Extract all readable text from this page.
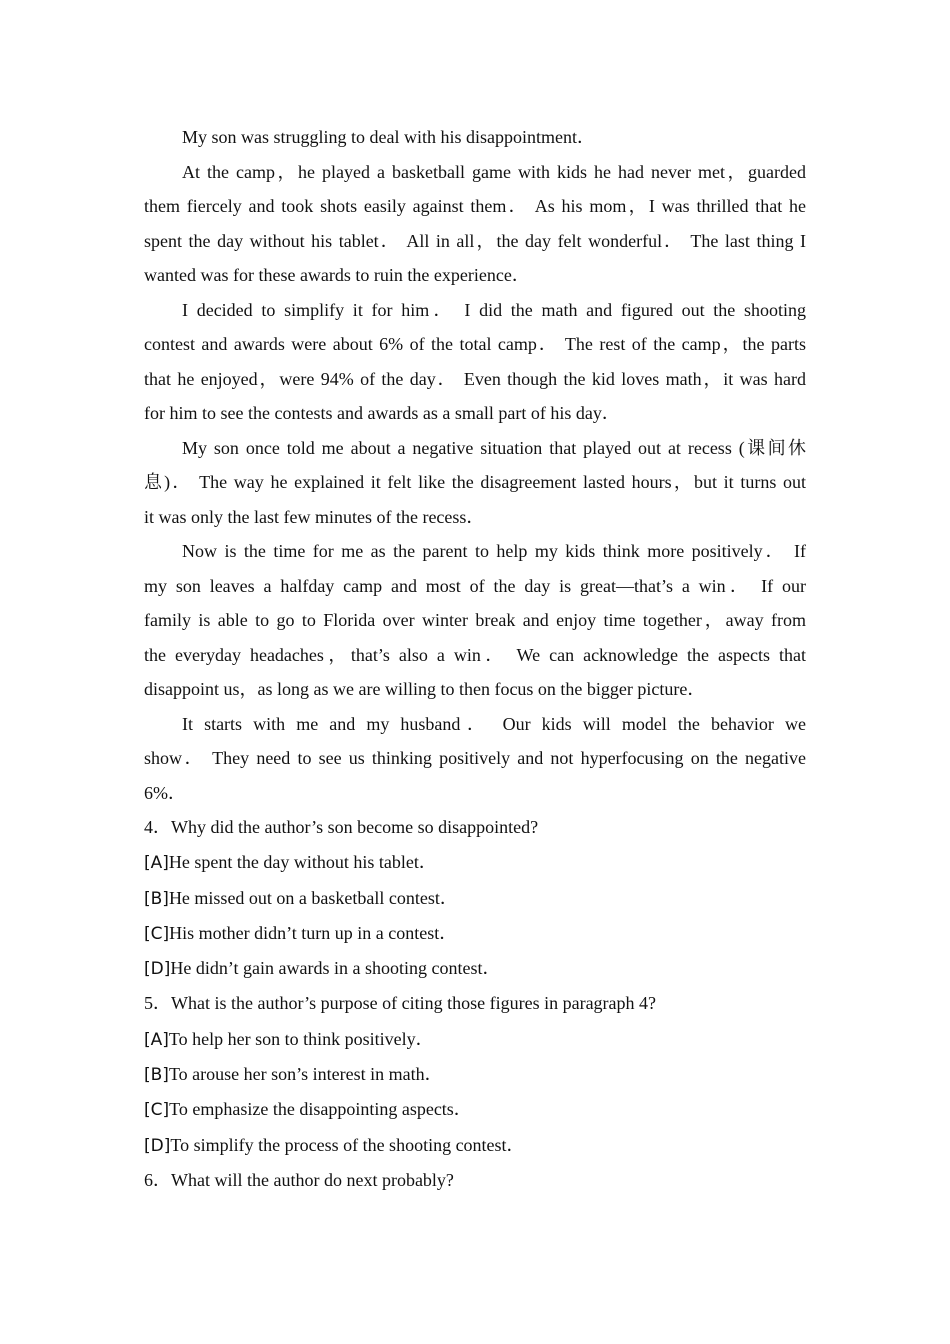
My son was struggling to deal with his disappointment．
At the camp，he played a basketball game with kids he had never met，guarded
them fiercely and took shots easily against them． As his mom，I was thrilled that he
spent the day without his tablet． All in all，the day felt wonderful． The last thing I
wanted was for these awards to ruin the experience．
I decided to simplify it for him． I did the math and figured out the shooting
contest and awards were about 6% of the total camp． The rest of the camp，the parts
that he enjoyed，were 94% of the day． Even though the kid loves math，it was hard
for him to see the contests and awards as a small part of his day．
My son once told me about a negative situation that played out at recess (课间休
息)． The way he explained it felt like the disagreement lasted hours，but it turns out
it was only the last few minutes of the recess．
Now is the time for me as the parent to help my kids think more positively． If
my son leaves a halfday camp and most of the day is great—that’s a win． If our
family is able to go to Florida over winter break and enjoy time together，away from
the everyday headaches，that’s also a win． We can acknowledge the aspects that
disappoint us，as long as we are willing to then focus on the bigger picture．
It starts with me and my husband． Our kids will model the behavior we
show． They need to see us thinking positively and not hyperfocusing on the negative
6%．
4．Why did the author’s son become so disappointed?
[A]He spent the day without his tablet．
[B]He missed out on a basketball contest．
[C]His mother didn’t turn up in a contest．
[D]He didn’t gain awards in a shooting contest．
5．What is the author’s purpose of citing those figures in paragraph 4?
[A]To help her son to think positively．
[B]To arouse her son’s interest in math．
[C]To emphasize the disappointing aspects．
[D]To simplify the process of the shooting contest．
6．What will the author do next probably?
